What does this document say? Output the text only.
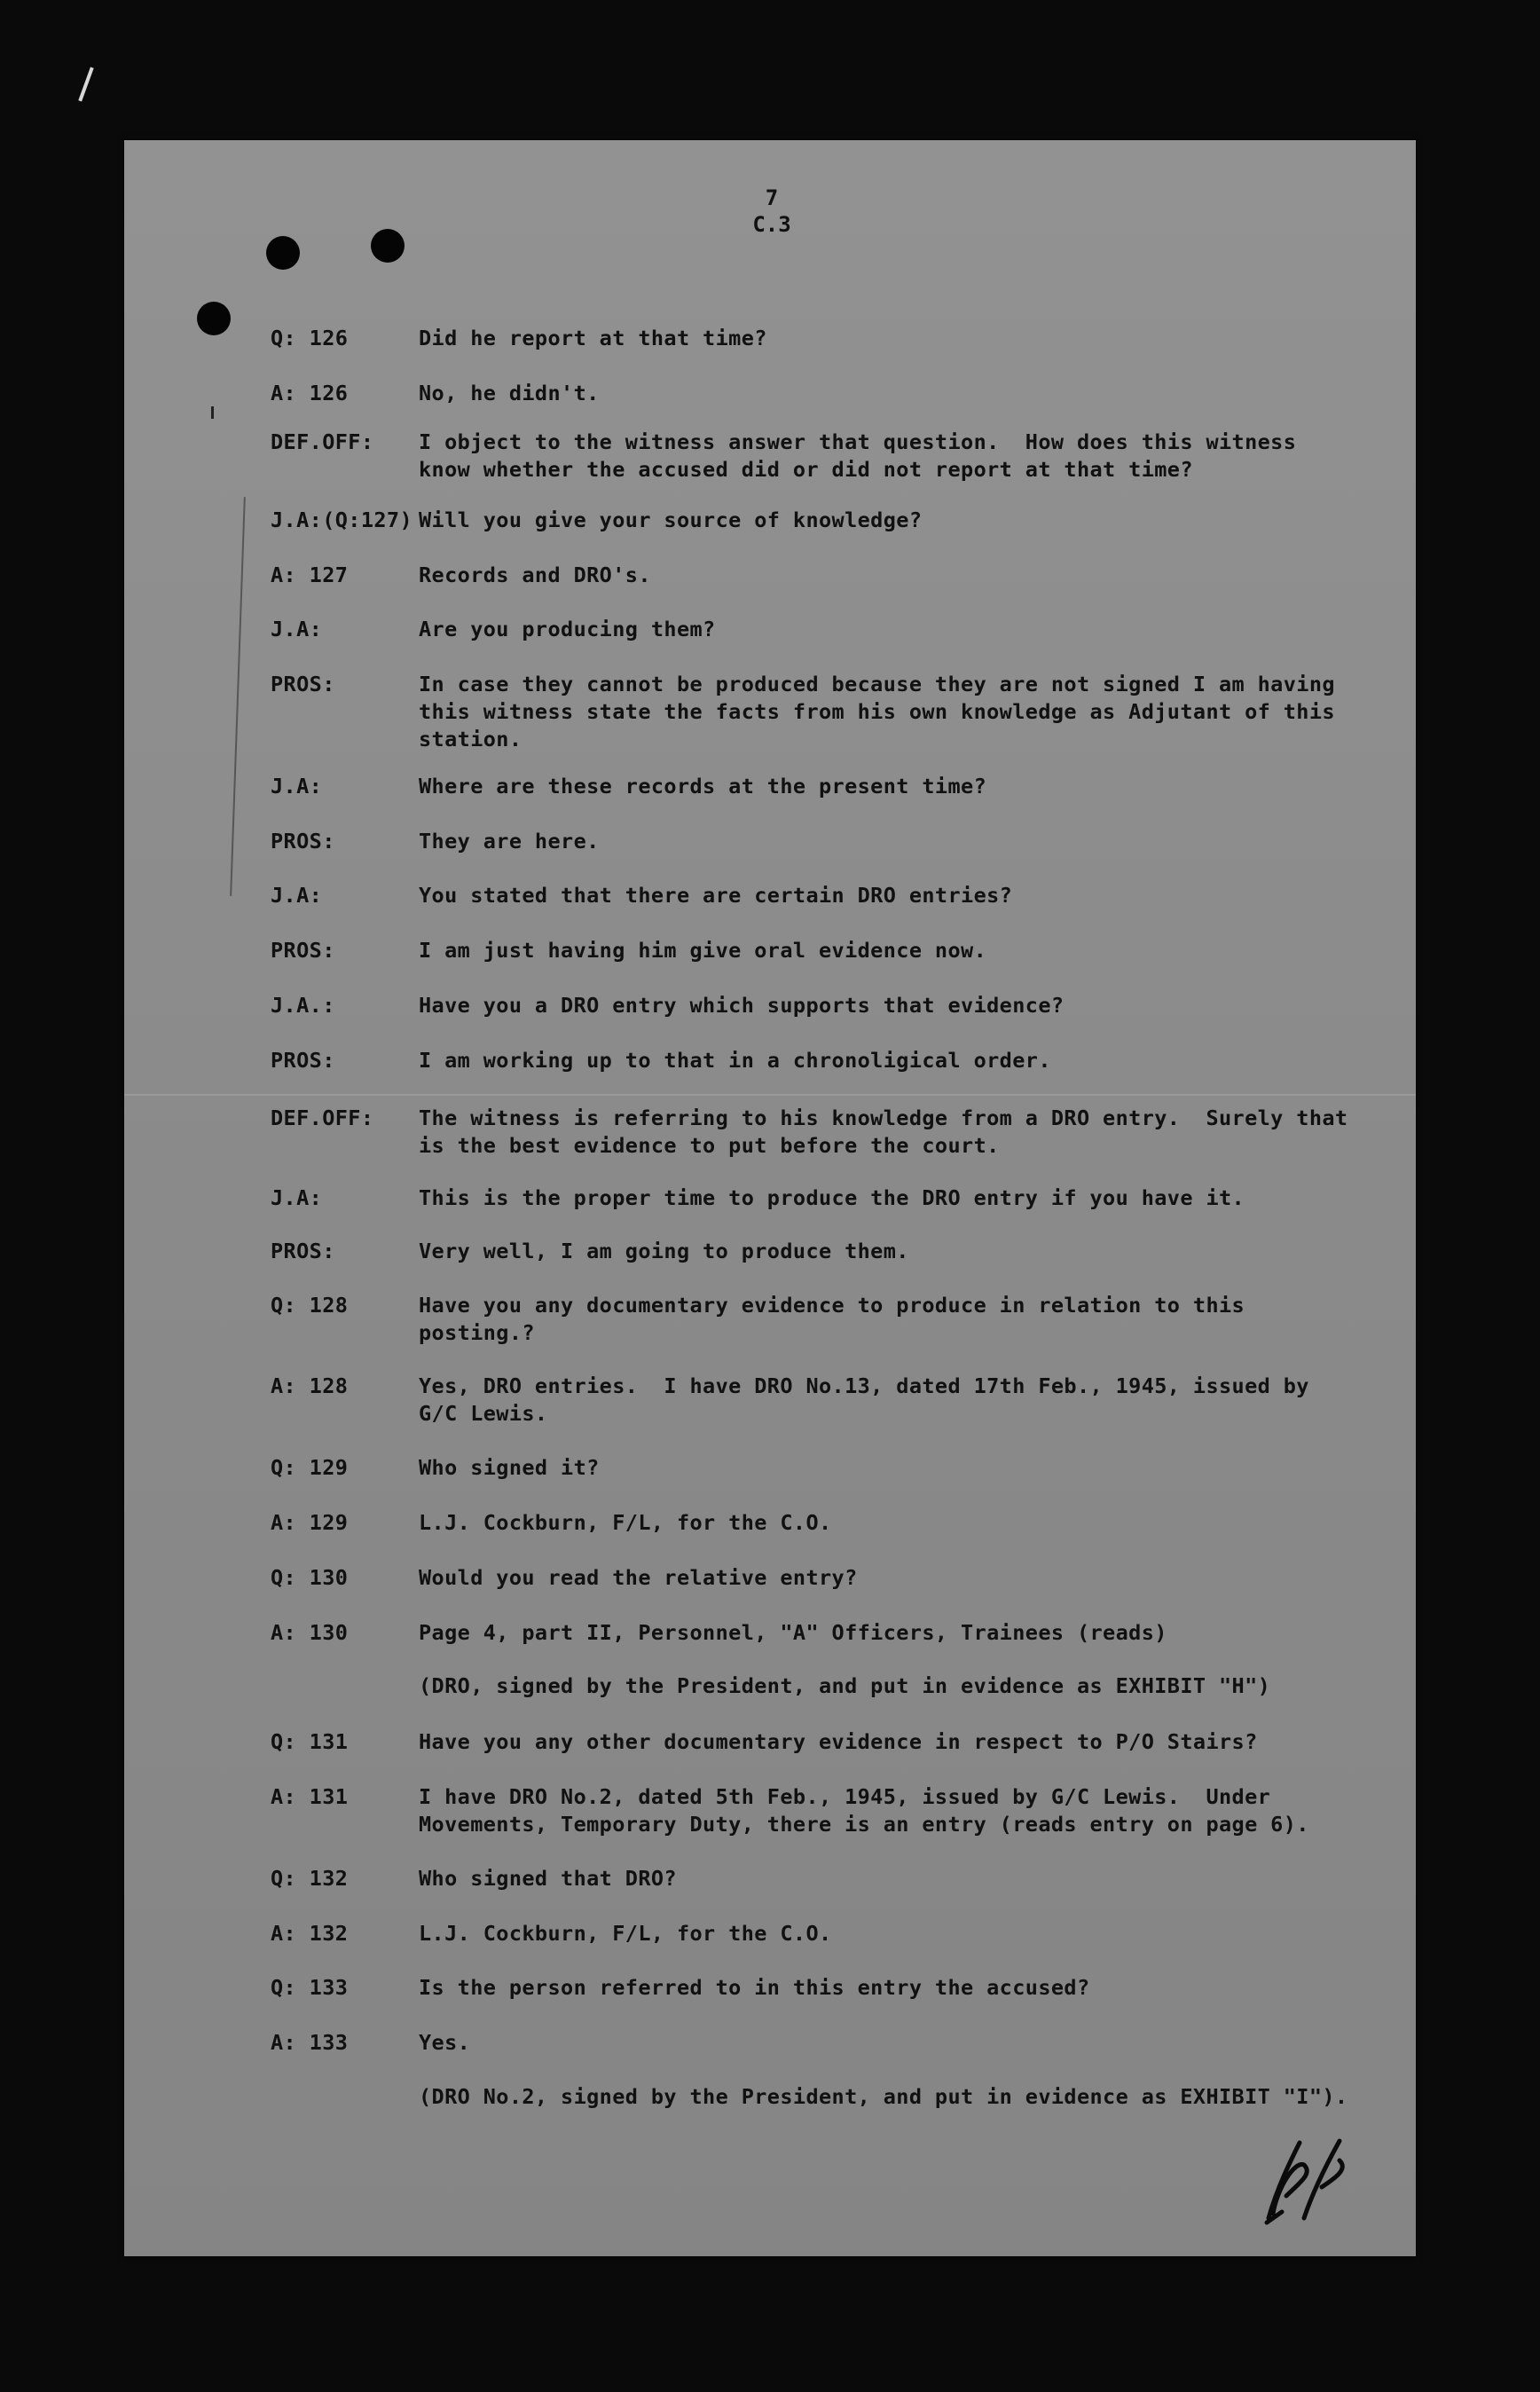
7
C.3
Q: 126	Did he report at that time?
A: 126	No, he didn't.
DEF.OFF: I object to the witness answer that question.  How does this witness know whether the accused did or did not report at that time?
J.A:(Q:127) Will you give your source of knowledge?
A: 127	Records and DRO's.
J.A:	Are you producing them?
PROS:	In case they cannot be produced because they are not signed I am having this witness state the facts from his own knowledge as Adjutant of this station.
J.A:	Where are these records at the present time?
PROS:	They are here.
J.A:	You stated that there are certain DRO entries?
PROS:	I am just having him give oral evidence now.
J.A.:	Have you a DRO entry which supports that evidence?
PROS:	I am working up to that in a chronoligical order.
DEF.OFF: The witness is referring to his knowledge from a DRO entry.  Surely that is the best evidence to put before the court.
J.A:	This is the proper time to produce the DRO entry if you have it.
PROS:	Very well, I am going to produce them.
Q: 128	Have you any documentary evidence to produce in relation to this posting.?
A: 128	Yes, DRO entries.  I have DRO No.13, dated 17th Feb., 1945, issued by G/C Lewis.
Q: 129	Who signed it?
A: 129	L.J. Cockburn, F/L, for the C.O.
Q: 130	Would you read the relative entry?
A: 130	Page 4, part II, Personnel, "A" Officers, Trainees (reads)
(DRO, signed by the President, and put in evidence as EXHIBIT "H")
Q: 131	Have you any other documentary evidence in respect to P/O Stairs?
A: 131	I have DRO No.2, dated 5th Feb., 1945, issued by G/C Lewis.  Under Movements, Temporary Duty, there is an entry (reads entry on page 6).
Q: 132	Who signed that DRO?
A: 132	L.J. Cockburn, F/L, for the C.O.
Q: 133	Is the person referred to in this entry the accused?
A: 133	Yes.
(DRO No.2, signed by the President, and put in evidence as EXHIBIT "I").
